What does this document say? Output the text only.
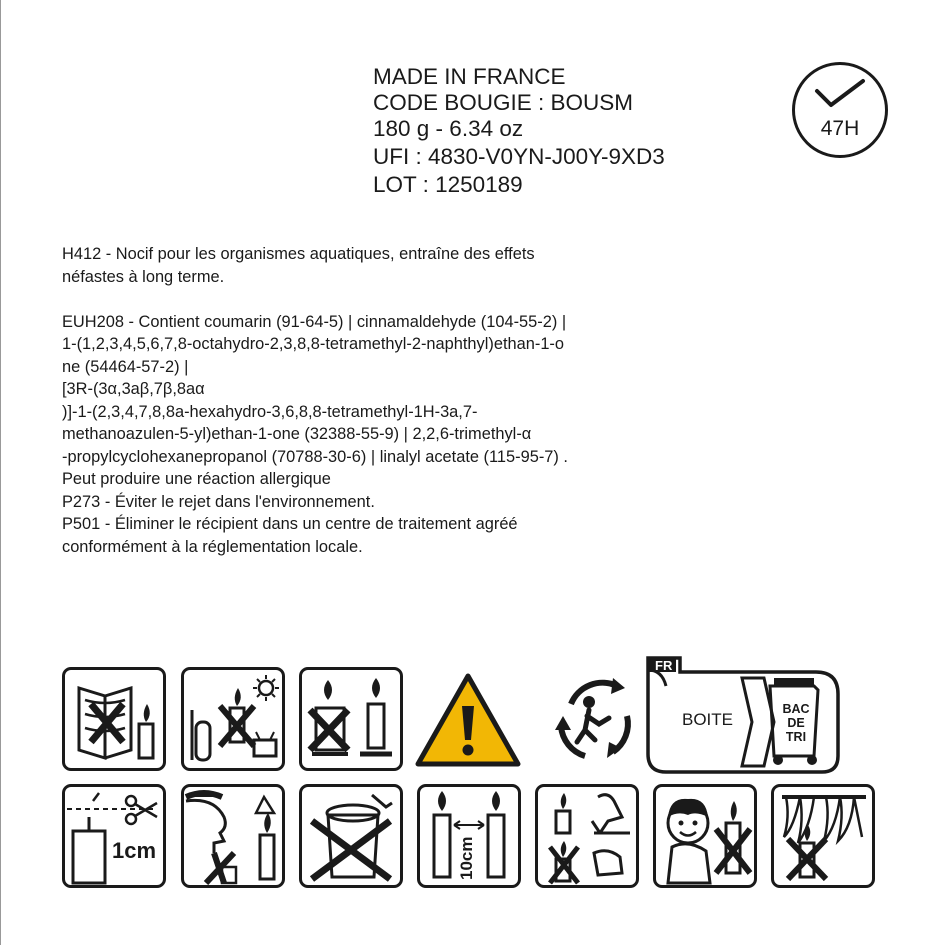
MADE IN FRANCE
CODE BOUGIE : BOUSM
180 g - 6.34 oz
UFI : 4830-V0YN-J00Y-9XD3
LOT : 1250189
47H

H412 - Nocif pour les organismes aquatiques, entraîne des effets
néfastes à long terme.

EUH208 - Contient coumarin (91-64-5) | cinnamaldehyde (104-55-2) |
1-(1,2,3,4,5,6,7,8-octahydro-2,3,8,8-tetramethyl-2-naphthyl)ethan-1-o
ne (54464-57-2) |
[3R-(3α,3aβ,7β,8aα
)]-1-(2,3,4,7,8,8a-hexahydro-3,6,8,8-tetramethyl-1H-3a,7-
methanoazulen-5-yl)ethan-1-one (32388-55-9) | 2,2,6-trimethyl-α
-propylcyclohexanepropanol (70788-30-6) | linalyl acetate (115-95-7) .
Peut produire une réaction allergique
P273 - Éviter le rejet dans l'environnement.
P501 - Éliminer le récipient dans un centre de traitement agréé
conformément à la réglementation locale.

FR
BOITE
BAC
DE
TRI
1cm	10cm
